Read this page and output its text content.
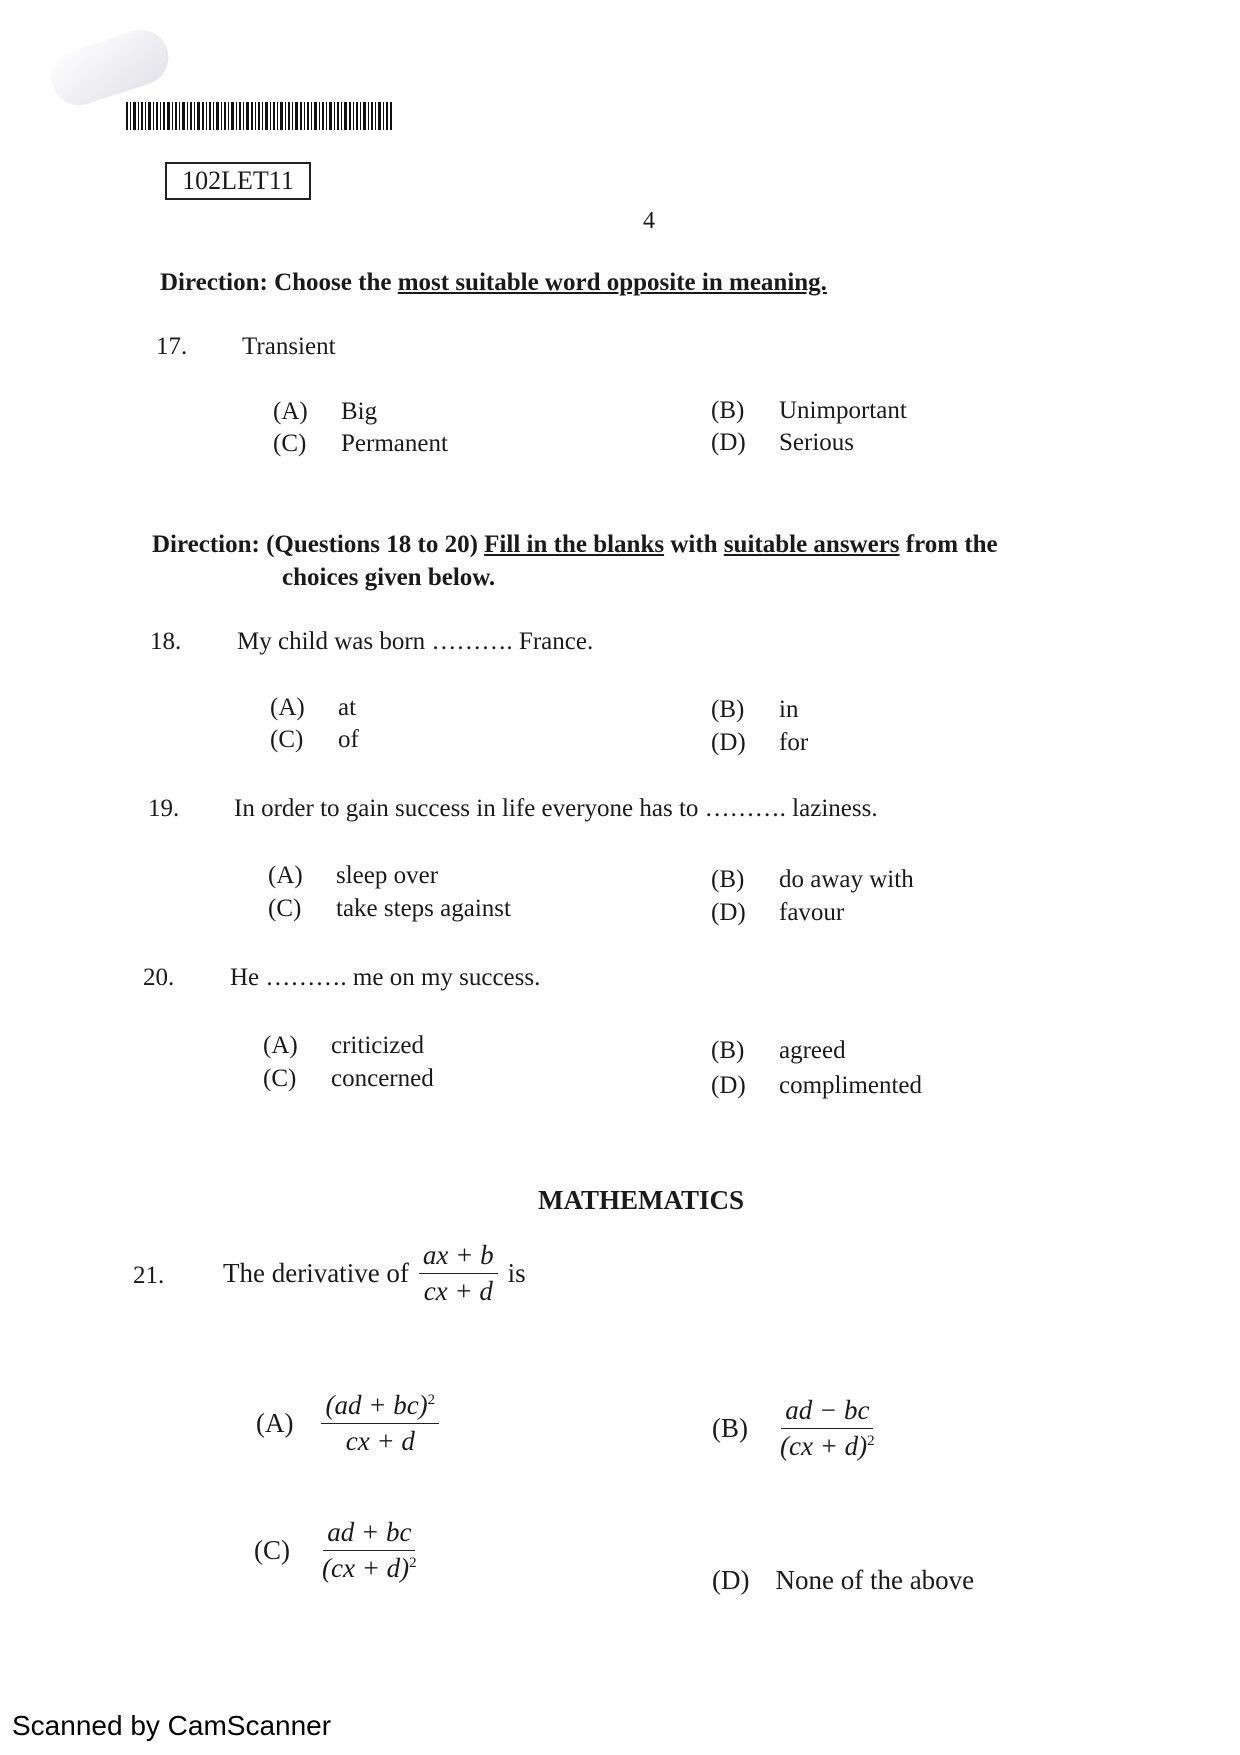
102LET11
4
Direction: Choose the most suitable word opposite in meaning.
17. Transient
(A) Big
(C) Permanent
(B) Unimportant
(D) Serious
Direction: (Questions 18 to 20) Fill in the blanks with suitable answers from the
choices given below.
18. My child was born ………. France.
(A) at
(C) of
(B) in
(D) for
19. In order to gain success in life everyone has to ………. laziness.
(A) sleep over
(C) take steps against
(B) do away with
(D) favour
20. He ………. me on my success.
(A) criticized
(C) concerned
(B) agreed
(D) complimented
MATHEMATICS
21. The derivative of $\frac{ax + b}{cx + d}$ is
$(A) \frac{(ad + bc)^2}{cx + d}$	$(B) \frac{ad - bc}{(cx + d)^2}$
$(C) \frac{ad + bc}{(cx + d)^2}$	(D) None of the above
Scanned by CamScanner
